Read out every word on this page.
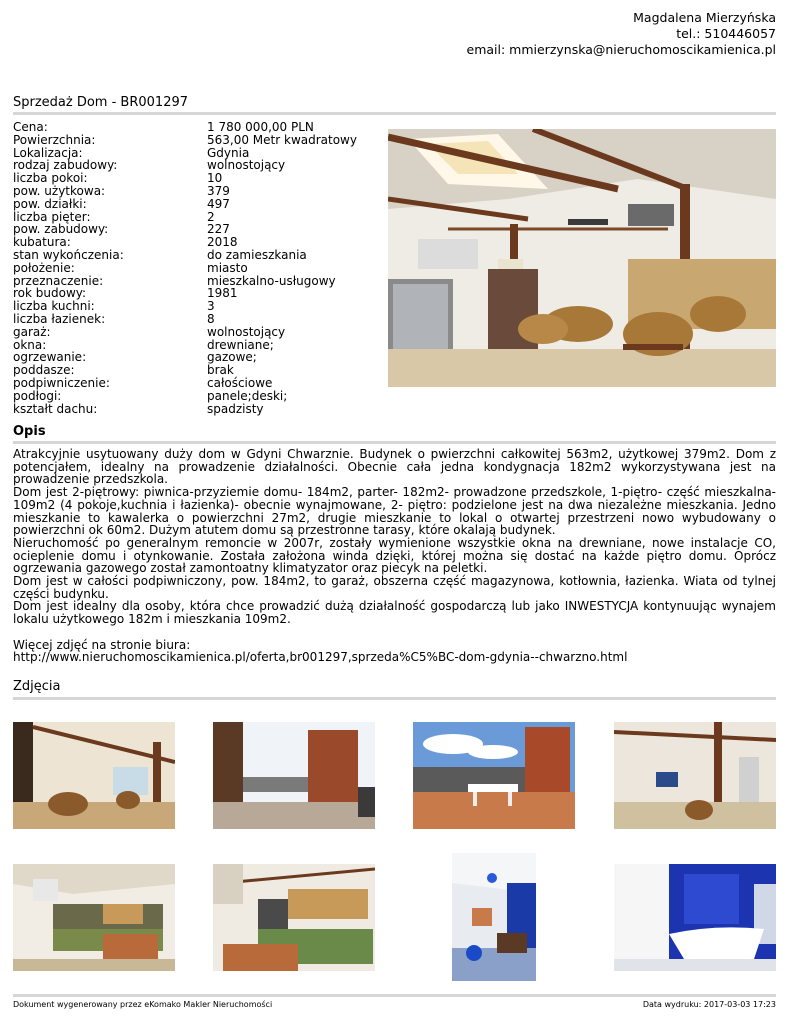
Magdalena Mierzyńska
tel.: 510446057
email: mmierzynska@nieruchomoscikamienica.pl
Sprzedaż Dom - BR001297
Cena:	1 780 000,00 PLN
Powierzchnia:	563,00 Metr kwadratowy
Lokalizacja:	Gdynia
rodzaj zabudowy:	wolnostojący
liczba pokoi:	10
pow. użytkowa:	379
pow. działki:	497
liczba pięter:	2
pow. zabudowy:	227
kubatura:	2018
stan wykończenia:	do zamieszkania
położenie:	miasto
przeznaczenie:	mieszkalno-usługowy
rok budowy:	1981
liczba kuchni:	3
liczba łazienek:	8
garaż:	wolnostojący
okna:	drewniane;
ogrzewanie:	gazowe;
poddasze:	brak
podpiwniczenie:	całościowe
podłogi:	panele;deski;
kształt dachu:	spadzisty
Opis

Atrakcyjnie usytuowany duży dom w Gdyni Chwarznie. Budynek o pwierzchni całkowitej 563m2, użytkowej 379m2. Dom z potencjałem, idealny na prowadzenie działalności. Obecnie cała jedna kondygnacja 182m2 wykorzystywana jest na prowadzenie przedszkola.

Dom jest 2-piętrowy: piwnica-przyziemie domu- 184m2, parter- 182m2- prowadzone przedszkole, 1-piętro- część mieszkalna- 109m2 (4 pokoje,kuchnia i łazienka)- obecnie wynajmowane, 2- piętro: podzielone jest na dwa niezależne mieszkania. Jedno mieszkanie to kawalerka o powierzchni 27m2, drugie mieszkanie to lokal o otwartej przestrzeni nowo wybudowany o powierzchni ok 60m2. Dużym atutem domu są przestronne tarasy, które okalają budynek.

Nieruchomość po generalnym remoncie w 2007r, zostały wymienione wszystkie okna na drewniane, nowe instalacje CO, ocieplenie domu i otynkowanie. Została założona winda dzięki, której można się dostać na każde piętro domu. Oprócz ogrzewania gazowego został zamontoatny klimatyzator oraz piecyk na peletki.

Dom jest w całości podpiwniczony, pow. 184m2, to garaż, obszerna część magazynowa, kotłownia, łazienka. Wiata od tylnej części budynku.

Dom jest idealny dla osoby, która chce prowadzić dużą działalność gospodarczą lub jako INWESTYCJA kontynuując wynajem lokalu użytkowego 182m i mieszkania 109m2.

Więcej zdjęć na stronie biura:

http://www.nieruchomoscikamienica.pl/oferta,br001297,sprzeda%C5%BC-dom-gdynia--chwarzno.html

Zdjęcia
Dokument wygenerowany przez eKomako Makler Nieruchomości	Data wydruku: 2017-03-03 17:23
